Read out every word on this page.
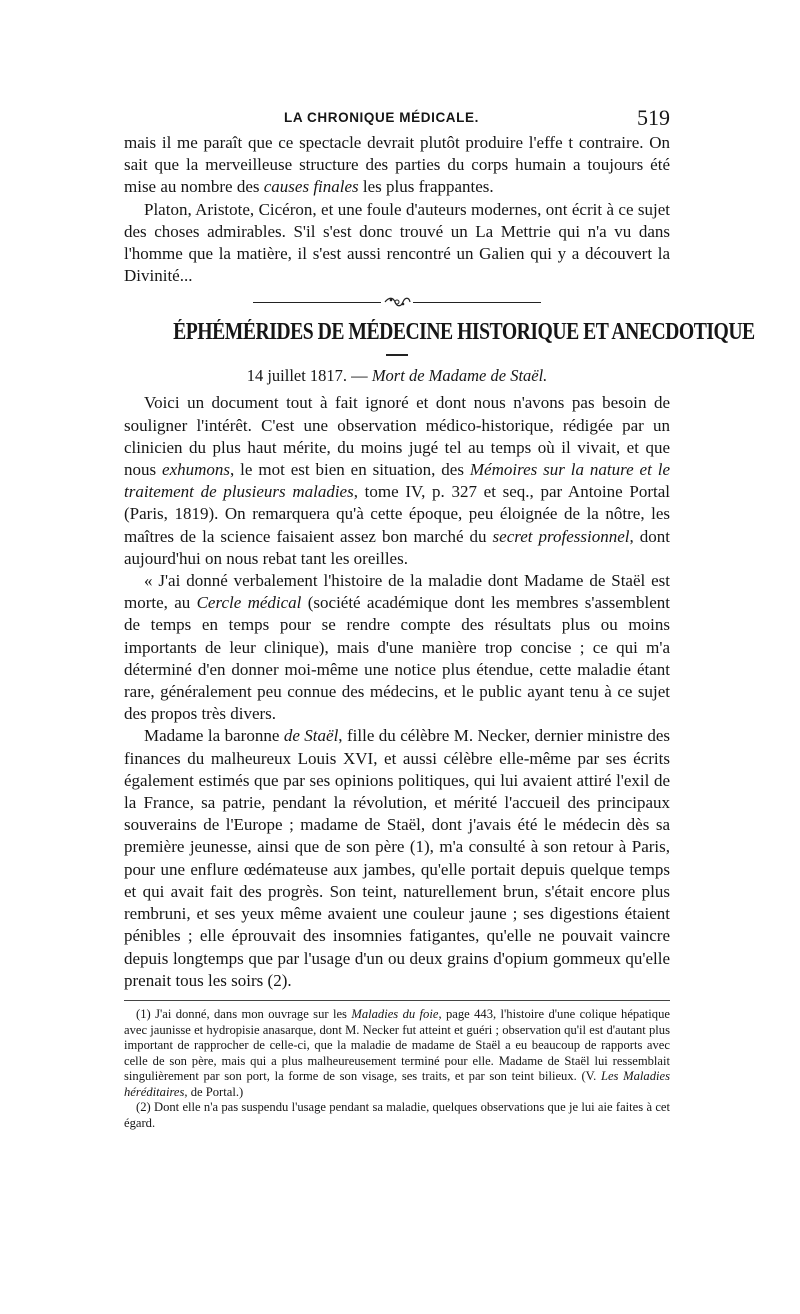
LA CHRONIQUE MÉDICALE.	519

mais il me paraît que ce spectacle devrait plutôt produire l'effe t contraire. On sait que la merveilleuse structure des parties du corps humain a toujours été mise au nombre des causes finales les plus frappantes.

Platon, Aristote, Cicéron, et une foule d'auteurs modernes, ont écrit à ce sujet des choses admirables. S'il s'est donc trouvé un La Mettrie qui n'a vu dans l'homme que la matière, il s'est aussi rencontré un Galien qui y a découvert la Divinité...

ÉPHÉMÉRIDES DE MÉDECINE HISTORIQUE ET ANECDOTIQUE
14 juillet 1817. — Mort de Madame de Staël.

Voici un document tout à fait ignoré et dont nous n'avons pas besoin de souligner l'intérêt. C'est une observation médico-historique, rédigée par un clinicien du plus haut mérite, du moins jugé tel au temps où il vivait, et que nous exhumons, le mot est bien en situation, des Mémoires sur la nature et le traitement de plusieurs maladies, tome IV, p. 327 et seq., par Antoine Portal (Paris, 1819). On remarquera qu'à cette époque, peu éloignée de la nôtre, les maîtres de la science faisaient assez bon marché du secret professionnel, dont aujourd'hui on nous rebat tant les oreilles.

« J'ai donné verbalement l'histoire de la maladie dont Madame de Staël est morte, au Cercle médical (société académique dont les membres s'assemblent de temps en temps pour se rendre compte des résultats plus ou moins importants de leur clinique), mais d'une manière trop concise ; ce qui m'a déterminé d'en donner moi-même une notice plus étendue, cette maladie étant rare, généralement peu connue des médecins, et le public ayant tenu à ce sujet des propos très divers.

Madame la baronne de Staël, fille du célèbre M. Necker, dernier ministre des finances du malheureux Louis XVI, et aussi célèbre elle-même par ses écrits également estimés que par ses opinions politiques, qui lui avaient attiré l'exil de la France, sa patrie, pendant la révolution, et mérité l'accueil des principaux souverains de l'Europe ; madame de Staël, dont j'avais été le médecin dès sa première jeunesse, ainsi que de son père (1), m'a consulté à son retour à Paris, pour une enflure œdémateuse aux jambes, qu'elle portait depuis quelque temps et qui avait fait des progrès. Son teint, naturellement brun, s'était encore plus rembruni, et ses yeux même avaient une couleur jaune ; ses digestions étaient pénibles ; elle éprouvait des insomnies fatigantes, qu'elle ne pouvait vaincre depuis longtemps que par l'usage d'un ou deux grains d'opium gommeux qu'elle prenait tous les soirs (2).

(1) J'ai donné, dans mon ouvrage sur les Maladies du foie, page 443, l'histoire d'une colique hépatique avec jaunisse et hydropisie anasarque, dont M. Necker fut atteint et guéri ; observation qu'il est d'autant plus important de rapprocher de celle-ci, que la maladie de madame de Staël a eu beaucoup de rapports avec celle de son père, mais qui a plus malheureusement terminé pour elle. Madame de Staël lui ressemblait singulièrement par son port, la forme de son visage, ses traits, et par son teint bilieux. (V. Les Maladies héréditaires, de Portal.)

(2) Dont elle n'a pas suspendu l'usage pendant sa maladie, quelques observations que je lui aie faites à cet égard.
